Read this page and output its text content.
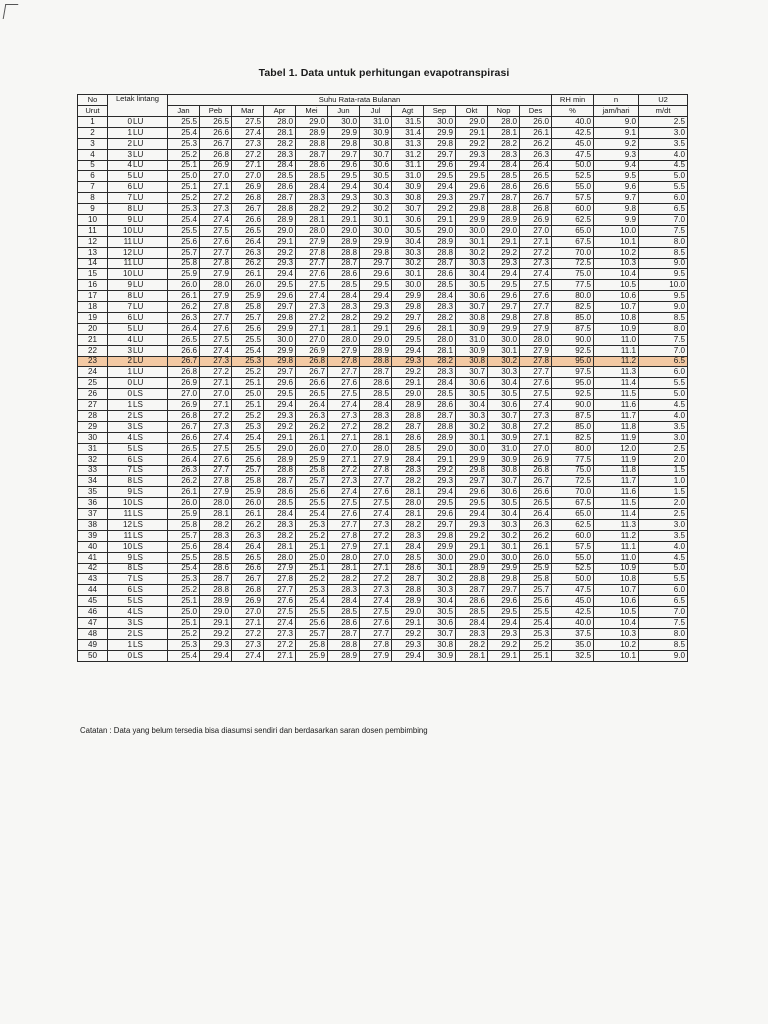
Tabel 1. Data untuk perhitungan evapotranspirasi
No	Letak lintang	Suhu Rata-rata Bulanan												RH min	n	U2
Urut		Jan	Peb	Mar	Apr	Mei	Jun	Jul	Agt	Sep	Okt	Nop	Des	%	jam/hari	m/dt
1	0LU	25.5	26.5	27.5	28.0	29.0	30.0	31.0	31.5	30.0	29.0	28.0	26.0	40.0	9.0	2.5
2	1LU	25.4	26.6	27.4	28.1	28.9	29.9	30.9	31.4	29.9	29.1	28.1	26.1	42.5	9.1	3.0
3	2LU	25.3	26.7	27.3	28.2	28.8	29.8	30.8	31.3	29.8	29.2	28.2	26.2	45.0	9.2	3.5
4	3LU	25.2	26.8	27.2	28.3	28.7	29.7	30.7	31.2	29.7	29.3	28.3	26.3	47.5	9.3	4.0
5	4LU	25.1	26.9	27.1	28.4	28.6	29.6	30.6	31.1	29.6	29.4	28.4	26.4	50.0	9.4	4.5
6	5LU	25.0	27.0	27.0	28.5	28.5	29.5	30.5	31.0	29.5	29.5	28.5	26.5	52.5	9.5	5.0
7	6LU	25.1	27.1	26.9	28.6	28.4	29.4	30.4	30.9	29.4	29.6	28.6	26.6	55.0	9.6	5.5
8	7LU	25.2	27.2	26.8	28.7	28.3	29.3	30.3	30.8	29.3	29.7	28.7	26.7	57.5	9.7	6.0
9	8LU	25.3	27.3	26.7	28.8	28.2	29.2	30.2	30.7	29.2	29.8	28.8	26.8	60.0	9.8	6.5
10	9LU	25.4	27.4	26.6	28.9	28.1	29.1	30.1	30.6	29.1	29.9	28.9	26.9	62.5	9.9	7.0
11	10LU	25.5	27.5	26.5	29.0	28.0	29.0	30.0	30.5	29.0	30.0	29.0	27.0	65.0	10.0	7.5
12	11LU	25.6	27.6	26.4	29.1	27.9	28.9	29.9	30.4	28.9	30.1	29.1	27.1	67.5	10.1	8.0
13	12LU	25.7	27.7	26.3	29.2	27.8	28.8	29.8	30.3	28.8	30.2	29.2	27.2	70.0	10.2	8.5
14	11LU	25.8	27.8	26.2	29.3	27.7	28.7	29.7	30.2	28.7	30.3	29.3	27.3	72.5	10.3	9.0
15	10LU	25.9	27.9	26.1	29.4	27.6	28.6	29.6	30.1	28.6	30.4	29.4	27.4	75.0	10.4	9.5
16	9LU	26.0	28.0	26.0	29.5	27.5	28.5	29.5	30.0	28.5	30.5	29.5	27.5	77.5	10.5	10.0
17	8LU	26.1	27.9	25.9	29.6	27.4	28.4	29.4	29.9	28.4	30.6	29.6	27.6	80.0	10.6	9.5
18	7LU	26.2	27.8	25.8	29.7	27.3	28.3	29.3	29.8	28.3	30.7	29.7	27.7	82.5	10.7	9.0
19	6LU	26.3	27.7	25.7	29.8	27.2	28.2	29.2	29.7	28.2	30.8	29.8	27.8	85.0	10.8	8.5
20	5LU	26.4	27.6	25.6	29.9	27.1	28.1	29.1	29.6	28.1	30.9	29.9	27.9	87.5	10.9	8.0
21	4LU	26.5	27.5	25.5	30.0	27.0	28.0	29.0	29.5	28.0	31.0	30.0	28.0	90.0	11.0	7.5
22	3LU	26.6	27.4	25.4	29.9	26.9	27.9	28.9	29.4	28.1	30.9	30.1	27.9	92.5	11.1	7.0
23	2LU	26.7	27.3	25.3	29.8	26.8	27.8	28.8	29.3	28.2	30.8	30.2	27.8	95.0	11.2	6.5
24	1LU	26.8	27.2	25.2	29.7	26.7	27.7	28.7	29.2	28.3	30.7	30.3	27.7	97.5	11.3	6.0
25	0LU	26.9	27.1	25.1	29.6	26.6	27.6	28.6	29.1	28.4	30.6	30.4	27.6	95.0	11.4	5.5
26	0LS	27.0	27.0	25.0	29.5	26.5	27.5	28.5	29.0	28.5	30.5	30.5	27.5	92.5	11.5	5.0
27	1LS	26.9	27.1	25.1	29.4	26.4	27.4	28.4	28.9	28.6	30.4	30.6	27.4	90.0	11.6	4.5
28	2LS	26.8	27.2	25.2	29.3	26.3	27.3	28.3	28.8	28.7	30.3	30.7	27.3	87.5	11.7	4.0
29	3LS	26.7	27.3	25.3	29.2	26.2	27.2	28.2	28.7	28.8	30.2	30.8	27.2	85.0	11.8	3.5
30	4LS	26.6	27.4	25.4	29.1	26.1	27.1	28.1	28.6	28.9	30.1	30.9	27.1	82.5	11.9	3.0
31	5LS	26.5	27.5	25.5	29.0	26.0	27.0	28.0	28.5	29.0	30.0	31.0	27.0	80.0	12.0	2.5
32	6LS	26.4	27.6	25.6	28.9	25.9	27.1	27.9	28.4	29.1	29.9	30.9	26.9	77.5	11.9	2.0
33	7LS	26.3	27.7	25.7	28.8	25.8	27.2	27.8	28.3	29.2	29.8	30.8	26.8	75.0	11.8	1.5
34	8LS	26.2	27.8	25.8	28.7	25.7	27.3	27.7	28.2	29.3	29.7	30.7	26.7	72.5	11.7	1.0
35	9LS	26.1	27.9	25.9	28.6	25.6	27.4	27.6	28.1	29.4	29.6	30.6	26.6	70.0	11.6	1.5
36	10LS	26.0	28.0	26.0	28.5	25.5	27.5	27.5	28.0	29.5	29.5	30.5	26.5	67.5	11.5	2.0
37	11LS	25.9	28.1	26.1	28.4	25.4	27.6	27.4	28.1	29.6	29.4	30.4	26.4	65.0	11.4	2.5
38	12LS	25.8	28.2	26.2	28.3	25.3	27.7	27.3	28.2	29.7	29.3	30.3	26.3	62.5	11.3	3.0
39	11LS	25.7	28.3	26.3	28.2	25.2	27.8	27.2	28.3	29.8	29.2	30.2	26.2	60.0	11.2	3.5
40	10LS	25.6	28.4	26.4	28.1	25.1	27.9	27.1	28.4	29.9	29.1	30.1	26.1	57.5	11.1	4.0
41	9LS	25.5	28.5	26.5	28.0	25.0	28.0	27.0	28.5	30.0	29.0	30.0	26.0	55.0	11.0	4.5
42	8LS	25.4	28.6	26.6	27.9	25.1	28.1	27.1	28.6	30.1	28.9	29.9	25.9	52.5	10.9	5.0
43	7LS	25.3	28.7	26.7	27.8	25.2	28.2	27.2	28.7	30.2	28.8	29.8	25.8	50.0	10.8	5.5
44	6LS	25.2	28.8	26.8	27.7	25.3	28.3	27.3	28.8	30.3	28.7	29.7	25.7	47.5	10.7	6.0
45	5LS	25.1	28.9	26.9	27.6	25.4	28.4	27.4	28.9	30.4	28.6	29.6	25.6	45.0	10.6	6.5
46	4LS	25.0	29.0	27.0	27.5	25.5	28.5	27.5	29.0	30.5	28.5	29.5	25.5	42.5	10.5	7.0
47	3LS	25.1	29.1	27.1	27.4	25.6	28.6	27.6	29.1	30.6	28.4	29.4	25.4	40.0	10.4	7.5
48	2LS	25.2	29.2	27.2	27.3	25.7	28.7	27.7	29.2	30.7	28.3	29.3	25.3	37.5	10.3	8.0
49	1LS	25.3	29.3	27.3	27.2	25.8	28.8	27.8	29.3	30.8	28.2	29.2	25.2	35.0	10.2	8.5
50	0LS	25.4	29.4	27.4	27.1	25.9	28.9	27.9	29.4	30.9	28.1	29.1	25.1	32.5	10.1	9.0
Catatan : Data yang belum tersedia bisa diasumsi sendiri dan berdasarkan saran dosen pembimbing
